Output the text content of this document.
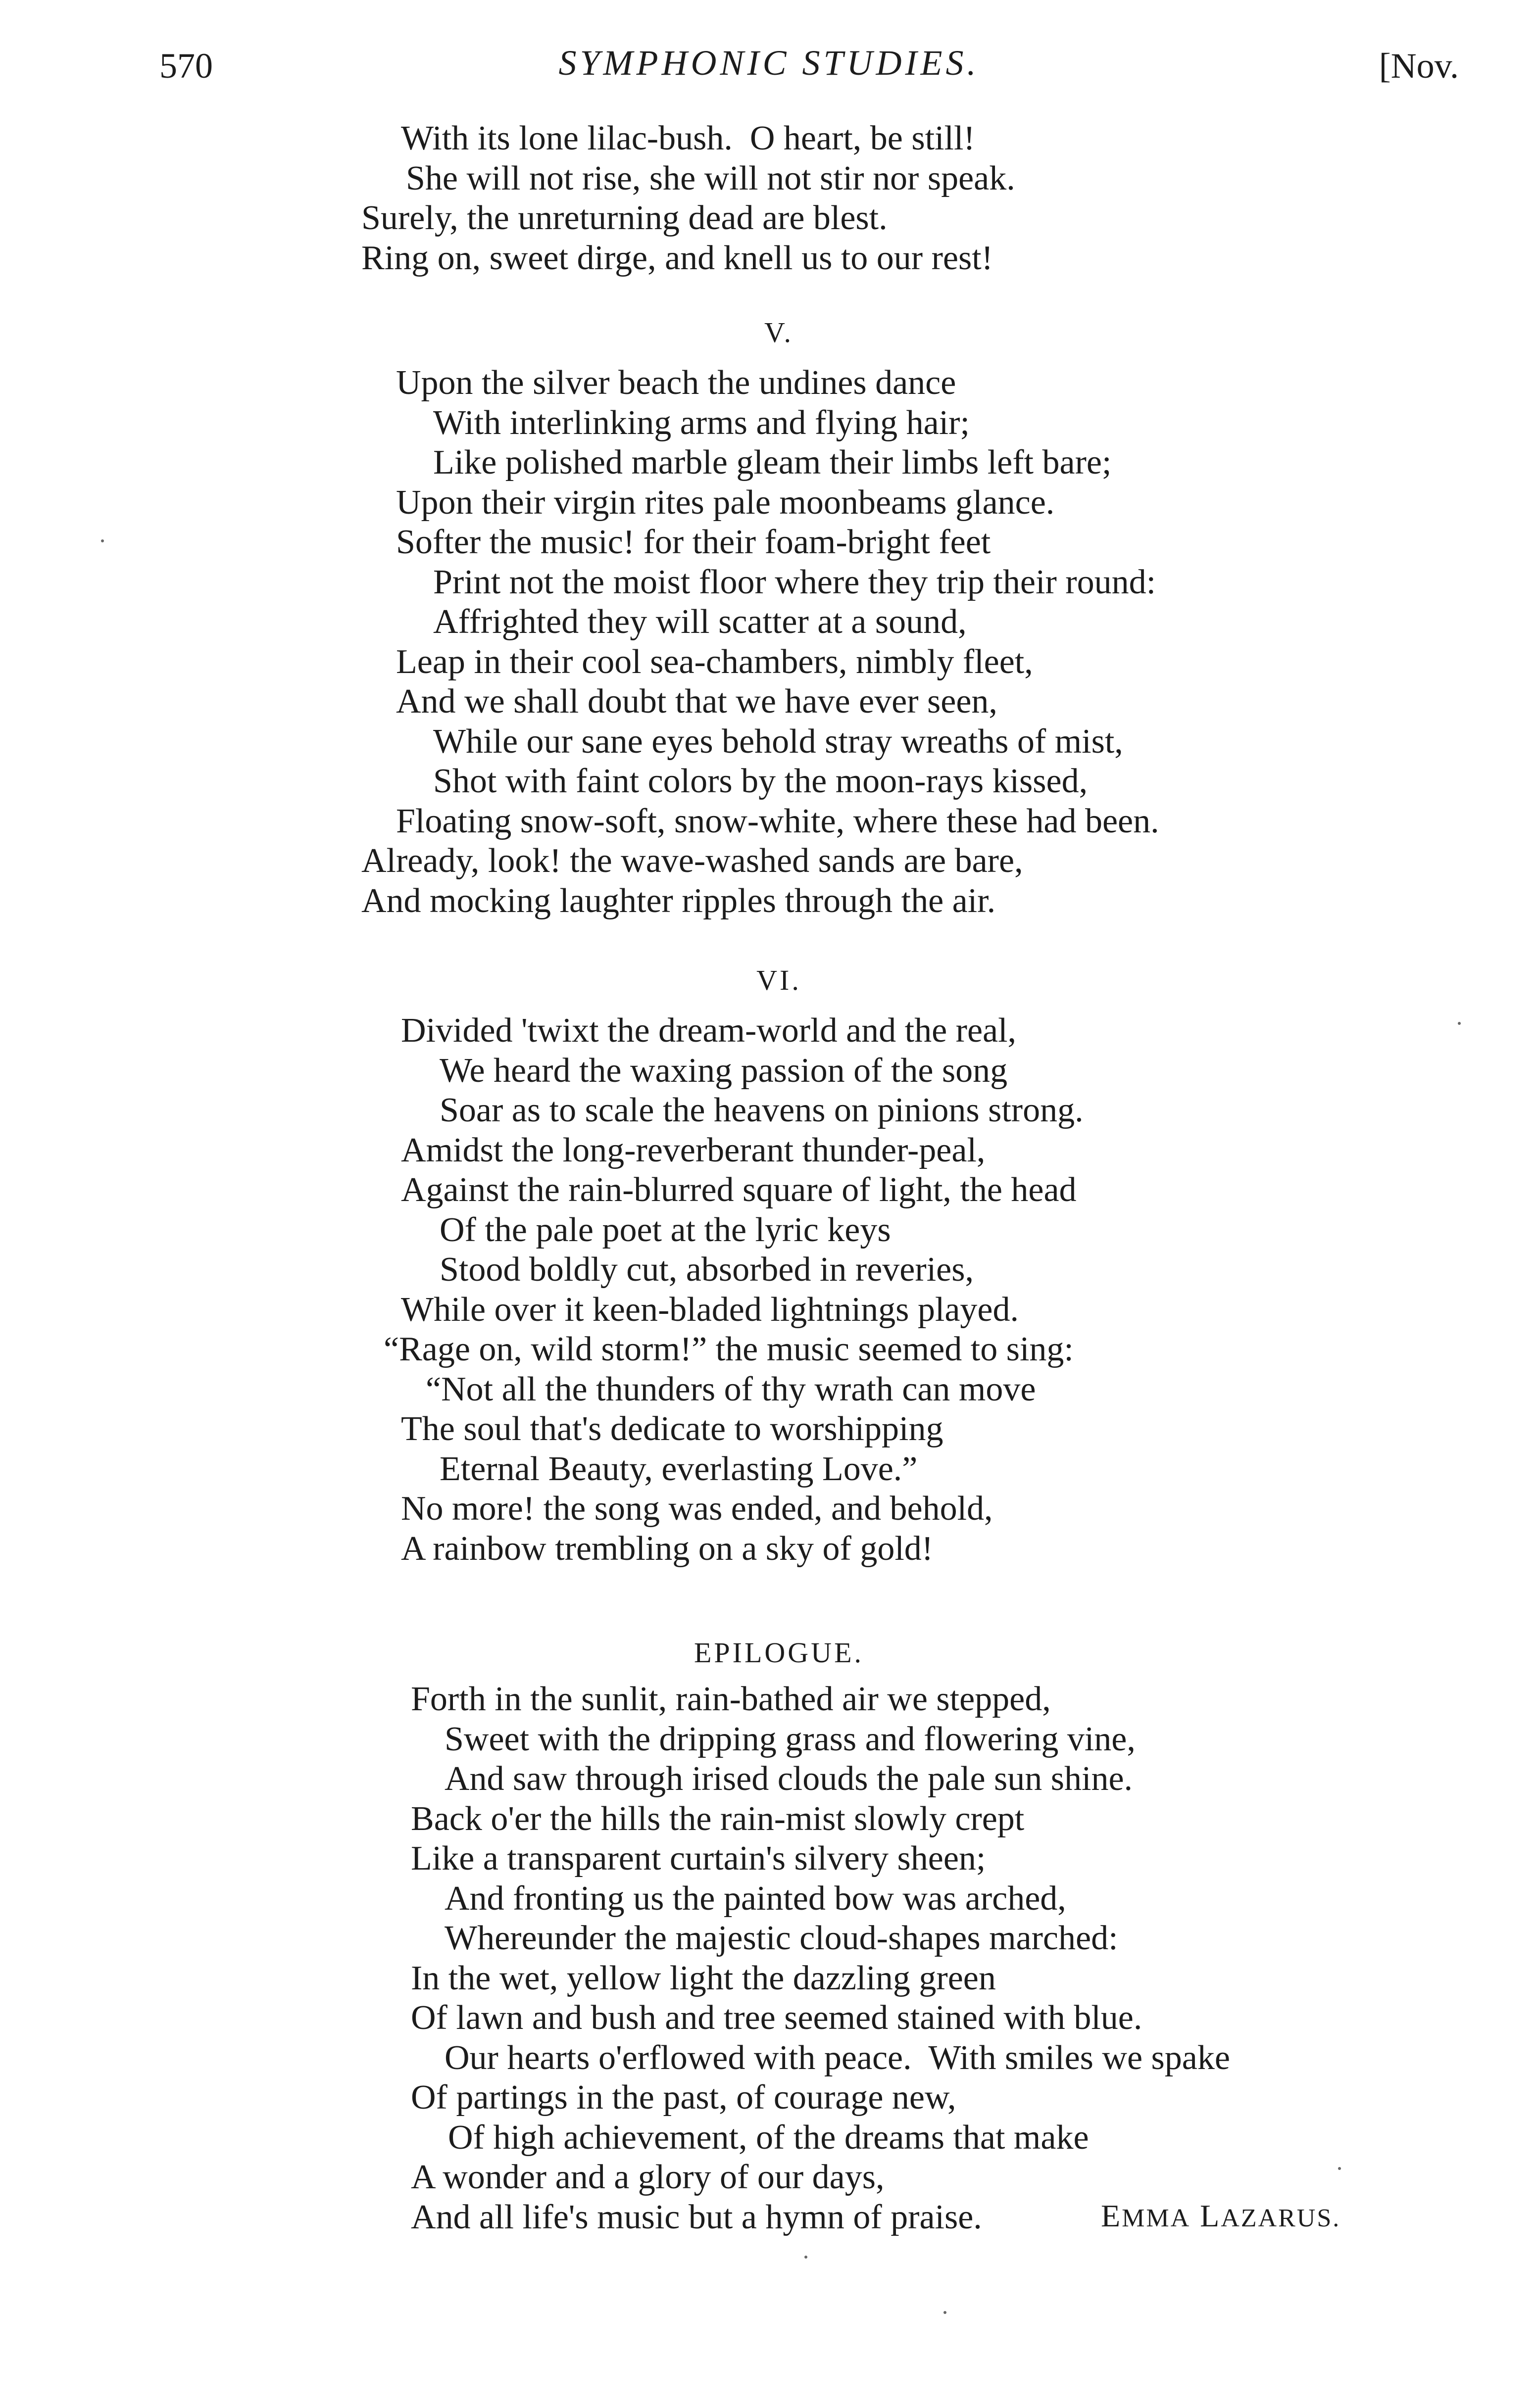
570	SYMPHONIC STUDIES.	[Nov.
With its lone lilac-bush.  O heart, be still!
She will not rise, she will not stir nor speak.
Surely, the unreturning dead are blest.
Ring on, sweet dirge, and knell us to our rest!
V.
Upon the silver beach the undines dance
With interlinking arms and flying hair;
Like polished marble gleam their limbs left bare;
Upon their virgin rites pale moonbeams glance.
Softer the music! for their foam-bright feet
Print not the moist floor where they trip their round:
Affrighted they will scatter at a sound,
Leap in their cool sea-chambers, nimbly fleet,
And we shall doubt that we have ever seen,
While our sane eyes behold stray wreaths of mist,
Shot with faint colors by the moon-rays kissed,
Floating snow-soft, snow-white, where these had been.
Already, look! the wave-washed sands are bare,
And mocking laughter ripples through the air.
VI.
Divided 'twixt the dream-world and the real,
We heard the waxing passion of the song
Soar as to scale the heavens on pinions strong.
Amidst the long-reverberant thunder-peal,
Against the rain-blurred square of light, the head
Of the pale poet at the lyric keys
Stood boldly cut, absorbed in reveries,
While over it keen-bladed lightnings played.
“Rage on, wild storm!” the music seemed to sing:
“Not all the thunders of thy wrath can move
The soul that's dedicate to worshipping
Eternal Beauty, everlasting Love.”
No more! the song was ended, and behold,
A rainbow trembling on a sky of gold!
EPILOGUE.
Forth in the sunlit, rain-bathed air we stepped,
Sweet with the dripping grass and flowering vine,
And saw through irised clouds the pale sun shine.
Back o'er the hills the rain-mist slowly crept
Like a transparent curtain's silvery sheen;
And fronting us the painted bow was arched,
Whereunder the majestic cloud-shapes marched:
In the wet, yellow light the dazzling green
Of lawn and bush and tree seemed stained with blue.
Our hearts o'erflowed with peace.  With smiles we spake
Of partings in the past, of courage new,
Of high achievement, of the dreams that make
A wonder and a glory of our days,
And all life's music but a hymn of praise.	EMMA LAZARUS.
